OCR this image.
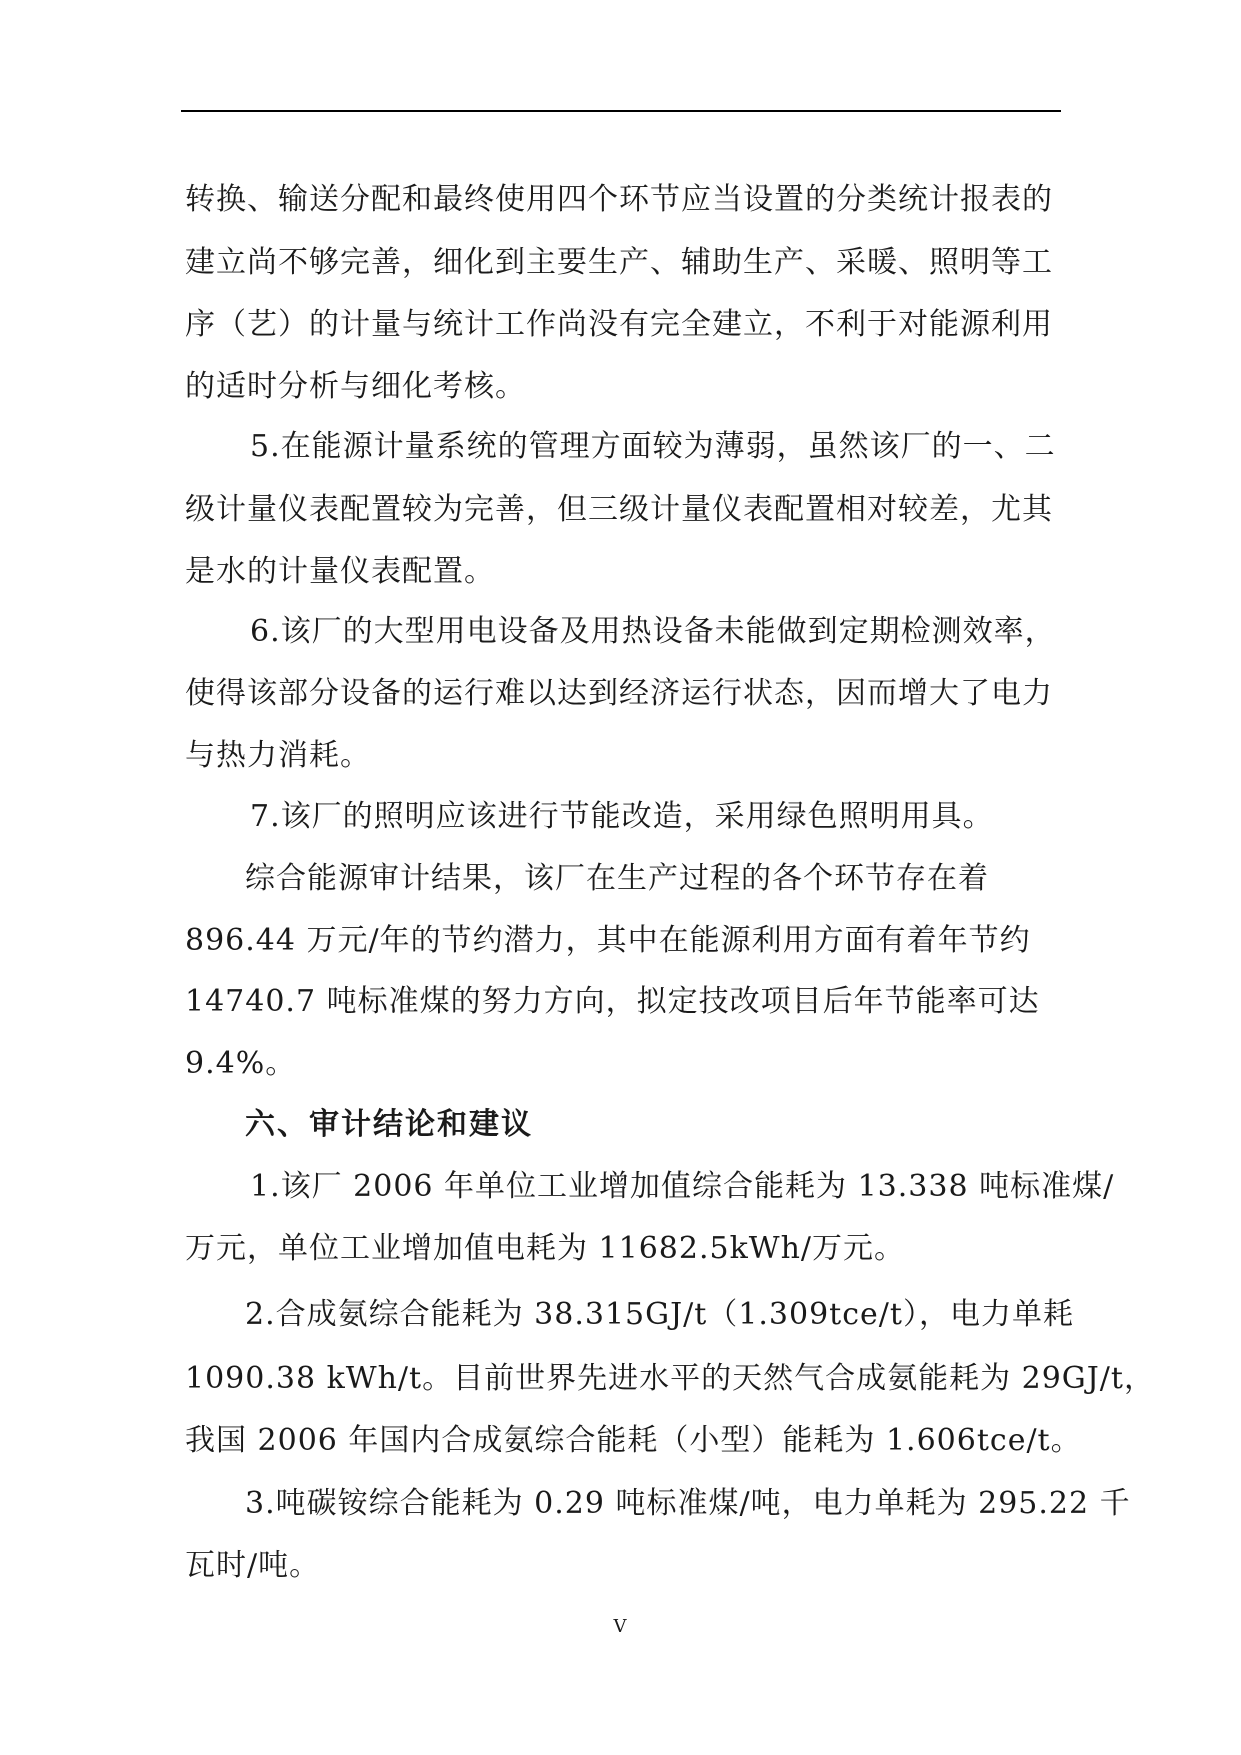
转换、输送分配和最终使用四个环节应当设置的分类统计报表的
建立尚不够完善，细化到主要生产、辅助生产、采暖、照明等工
序（艺）的计量与统计工作尚没有完全建立，不利于对能源利用
的适时分析与细化考核。
5.在能源计量系统的管理方面较为薄弱，虽然该厂的一、二
级计量仪表配置较为完善，但三级计量仪表配置相对较差，尤其
是水的计量仪表配置。
6.该厂的大型用电设备及用热设备未能做到定期检测效率，
使得该部分设备的运行难以达到经济运行状态，因而增大了电力
与热力消耗。
7.该厂的照明应该进行节能改造，采用绿色照明用具。
综合能源审计结果，该厂在生产过程的各个环节存在着
896.44 万元/年的节约潜力，其中在能源利用方面有着年节约
14740.7 吨标准煤的努力方向，拟定技改项目后年节能率可达
9.4%。
六、审计结论和建议
1.该厂 2006 年单位工业增加值综合能耗为 13.338 吨标准煤/
万元，单位工业增加值电耗为 11682.5kWh/万元。
2.合成氨综合能耗为 38.315GJ/t（1.309tce/t），电力单耗
1090.38 kWh/t。目前世界先进水平的天然气合成氨能耗为 29GJ/t，
我国 2006 年国内合成氨综合能耗（小型）能耗为 1.606tce/t。
3.吨碳铵综合能耗为 0.29 吨标准煤/吨，电力单耗为 295.22 千
瓦时/吨。
V
